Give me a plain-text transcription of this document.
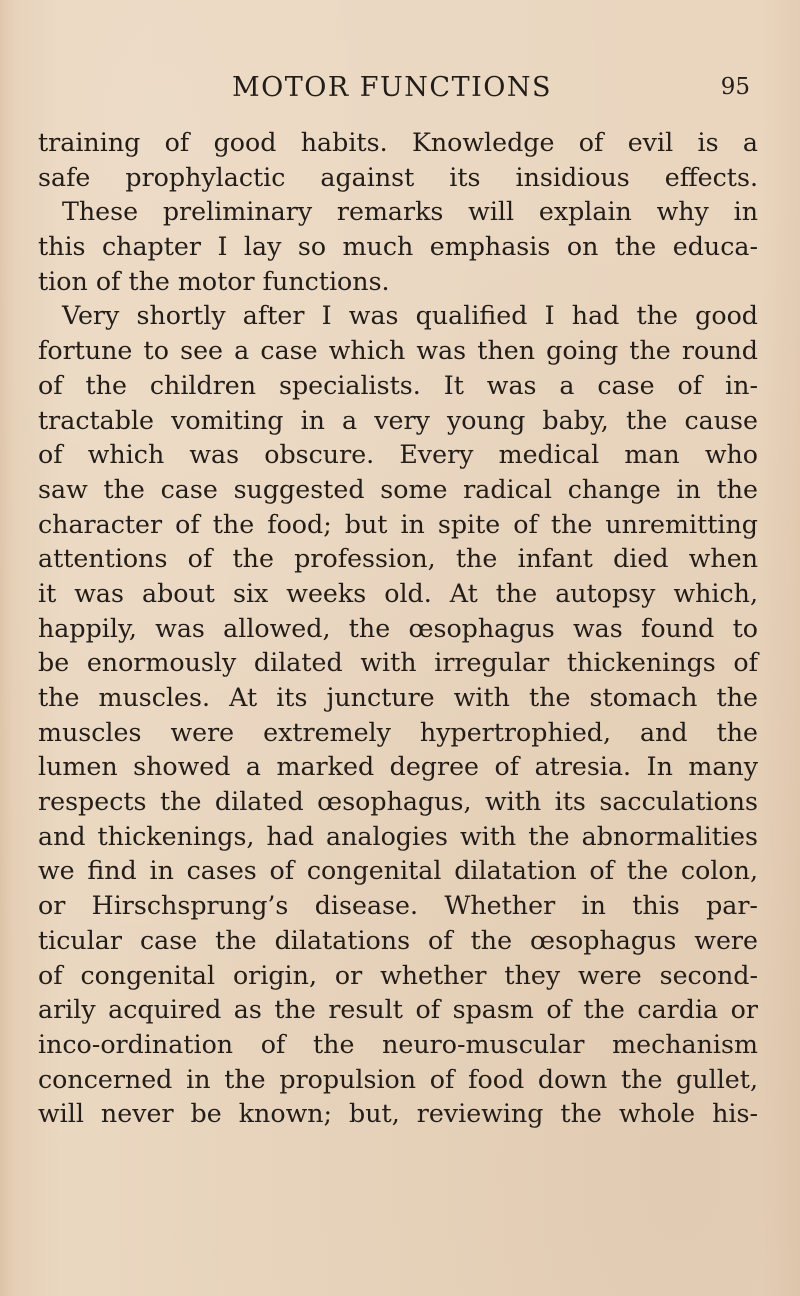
MOTOR FUNCTIONS	95
training of good habits. Knowledge of evil is a
safe prophylactic against its insidious effects.
These preliminary remarks will explain why in
this chapter I lay so much emphasis on the educa-
tion of the motor functions.
Very shortly after I was qualified I had the good
fortune to see a case which was then going the round
of the children specialists. It was a case of in-
tractable vomiting in a very young baby, the cause
of which was obscure. Every medical man who
saw the case suggested some radical change in the
character of the food; but in spite of the unremitting
attentions of the profession, the infant died when
it was about six weeks old. At the autopsy which,
happily, was allowed, the œsophagus was found to
be enormously dilated with irregular thickenings of
the muscles. At its juncture with the stomach the
muscles were extremely hypertrophied, and the
lumen showed a marked degree of atresia. In many
respects the dilated œsophagus, with its sacculations
and thickenings, had analogies with the abnormalities
we find in cases of congenital dilatation of the colon,
or Hirschsprung’s disease. Whether in this par-
ticular case the dilatations of the œsophagus were
of congenital origin, or whether they were second-
arily acquired as the result of spasm of the cardia or
inco-ordination of the neuro-muscular mechanism
concerned in the propulsion of food down the gullet,
will never be known; but, reviewing the whole his-
